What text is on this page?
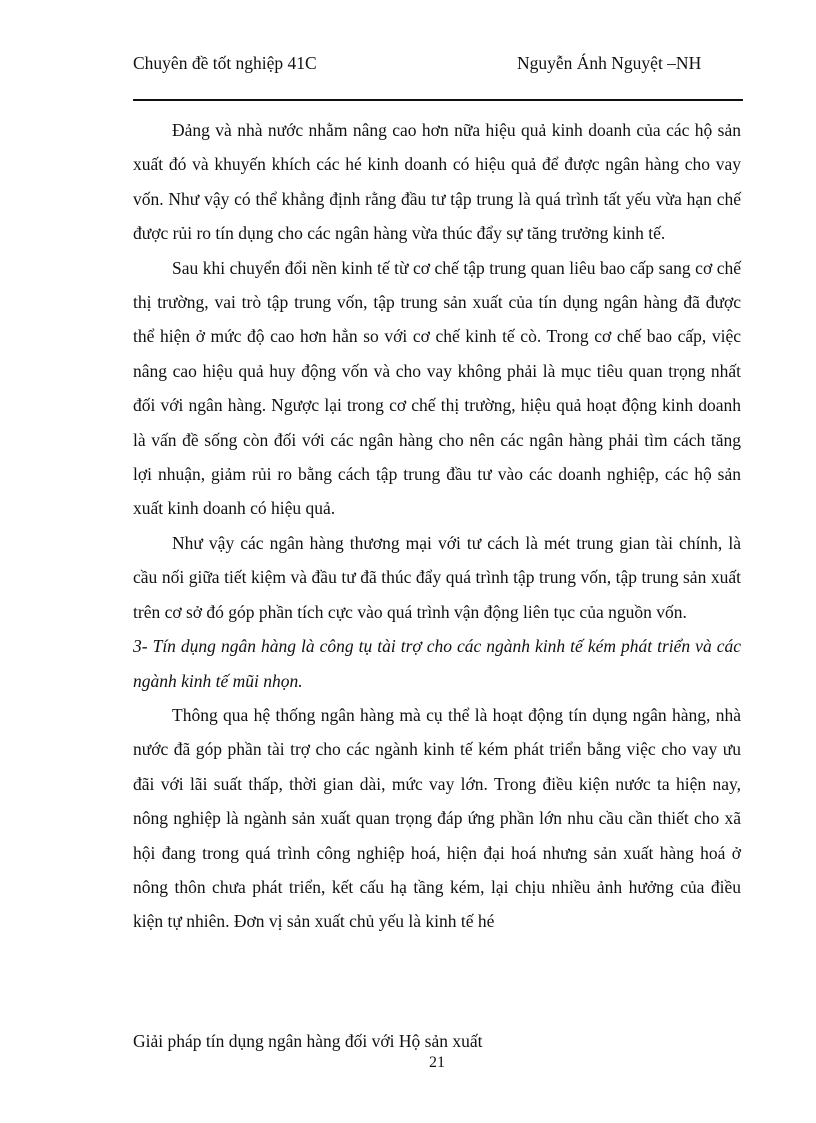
Chuyên đề tốt nghiệp 41C	Nguyễn Ánh Nguyệt –NH

Đảng và nhà nước nhằm nâng cao hơn nữa hiệu quả kinh doanh của các hộ sản xuất đó và khuyến khích các hé kinh doanh có hiệu quả để được ngân hàng cho vay vốn. Như vậy có thể khẳng định rằng đầu tư tập trung là quá trình tất yếu vừa hạn chế được rủi ro tín dụng cho các ngân hàng vừa thúc đẩy sự tăng trưởng kinh tế.

Sau khi chuyển đổi nền kinh tế từ cơ chế tập trung quan liêu bao cấp sang cơ chế thị trường, vai trò tập trung vốn, tập trung sản xuất của tín dụng ngân hàng đã được thể hiện ở mức độ cao hơn hẳn so với cơ chế kinh tế cò. Trong cơ chế bao cấp, việc nâng cao hiệu quả huy động vốn và cho vay không phải là mục tiêu quan trọng nhất đối với ngân hàng. Ngược lại trong cơ chế thị trường, hiệu quả hoạt động kinh doanh là vấn đề sống còn đối với các ngân hàng cho nên các ngân hàng phải tìm cách tăng lợi nhuận, giảm rủi ro bằng cách tập trung đầu tư vào các doanh nghiệp, các hộ sản xuất kinh doanh có hiệu quả.

Như vậy các ngân hàng thương mại với tư cách là mét trung gian tài chính, là cầu nối giữa tiết kiệm và đầu tư đã thúc đẩy quá trình tập trung vốn, tập trung sản xuất trên cơ sở đó góp phần tích cực vào quá trình vận động liên tục của nguồn vốn.

3- Tín dụng ngân hàng là công tụ tài trợ cho các ngành kinh tế kém phát triển và các ngành kinh tế mũi nhọn.

Thông qua hệ thống ngân hàng mà cụ thể là hoạt động tín dụng ngân hàng, nhà nước đã góp phần tài trợ cho các ngành kinh tế kém phát triển bằng việc cho vay ưu đãi với lãi suất thấp, thời gian dài, mức vay lớn. Trong điều kiện nước ta hiện nay, nông nghiệp là ngành sản xuất quan trọng đáp ứng phần lớn nhu cầu cần thiết cho xã hội đang trong quá trình công nghiệp hoá, hiện đại hoá nhưng sản xuất hàng hoá ở nông thôn chưa phát triển, kết cấu hạ tầng kém, lại chịu nhiều ảnh hưởng của điều kiện tự nhiên. Đơn vị sản xuất chủ yếu là kinh tế hé

Giải pháp tín dụng ngân hàng đối với Hộ sản xuất
21
